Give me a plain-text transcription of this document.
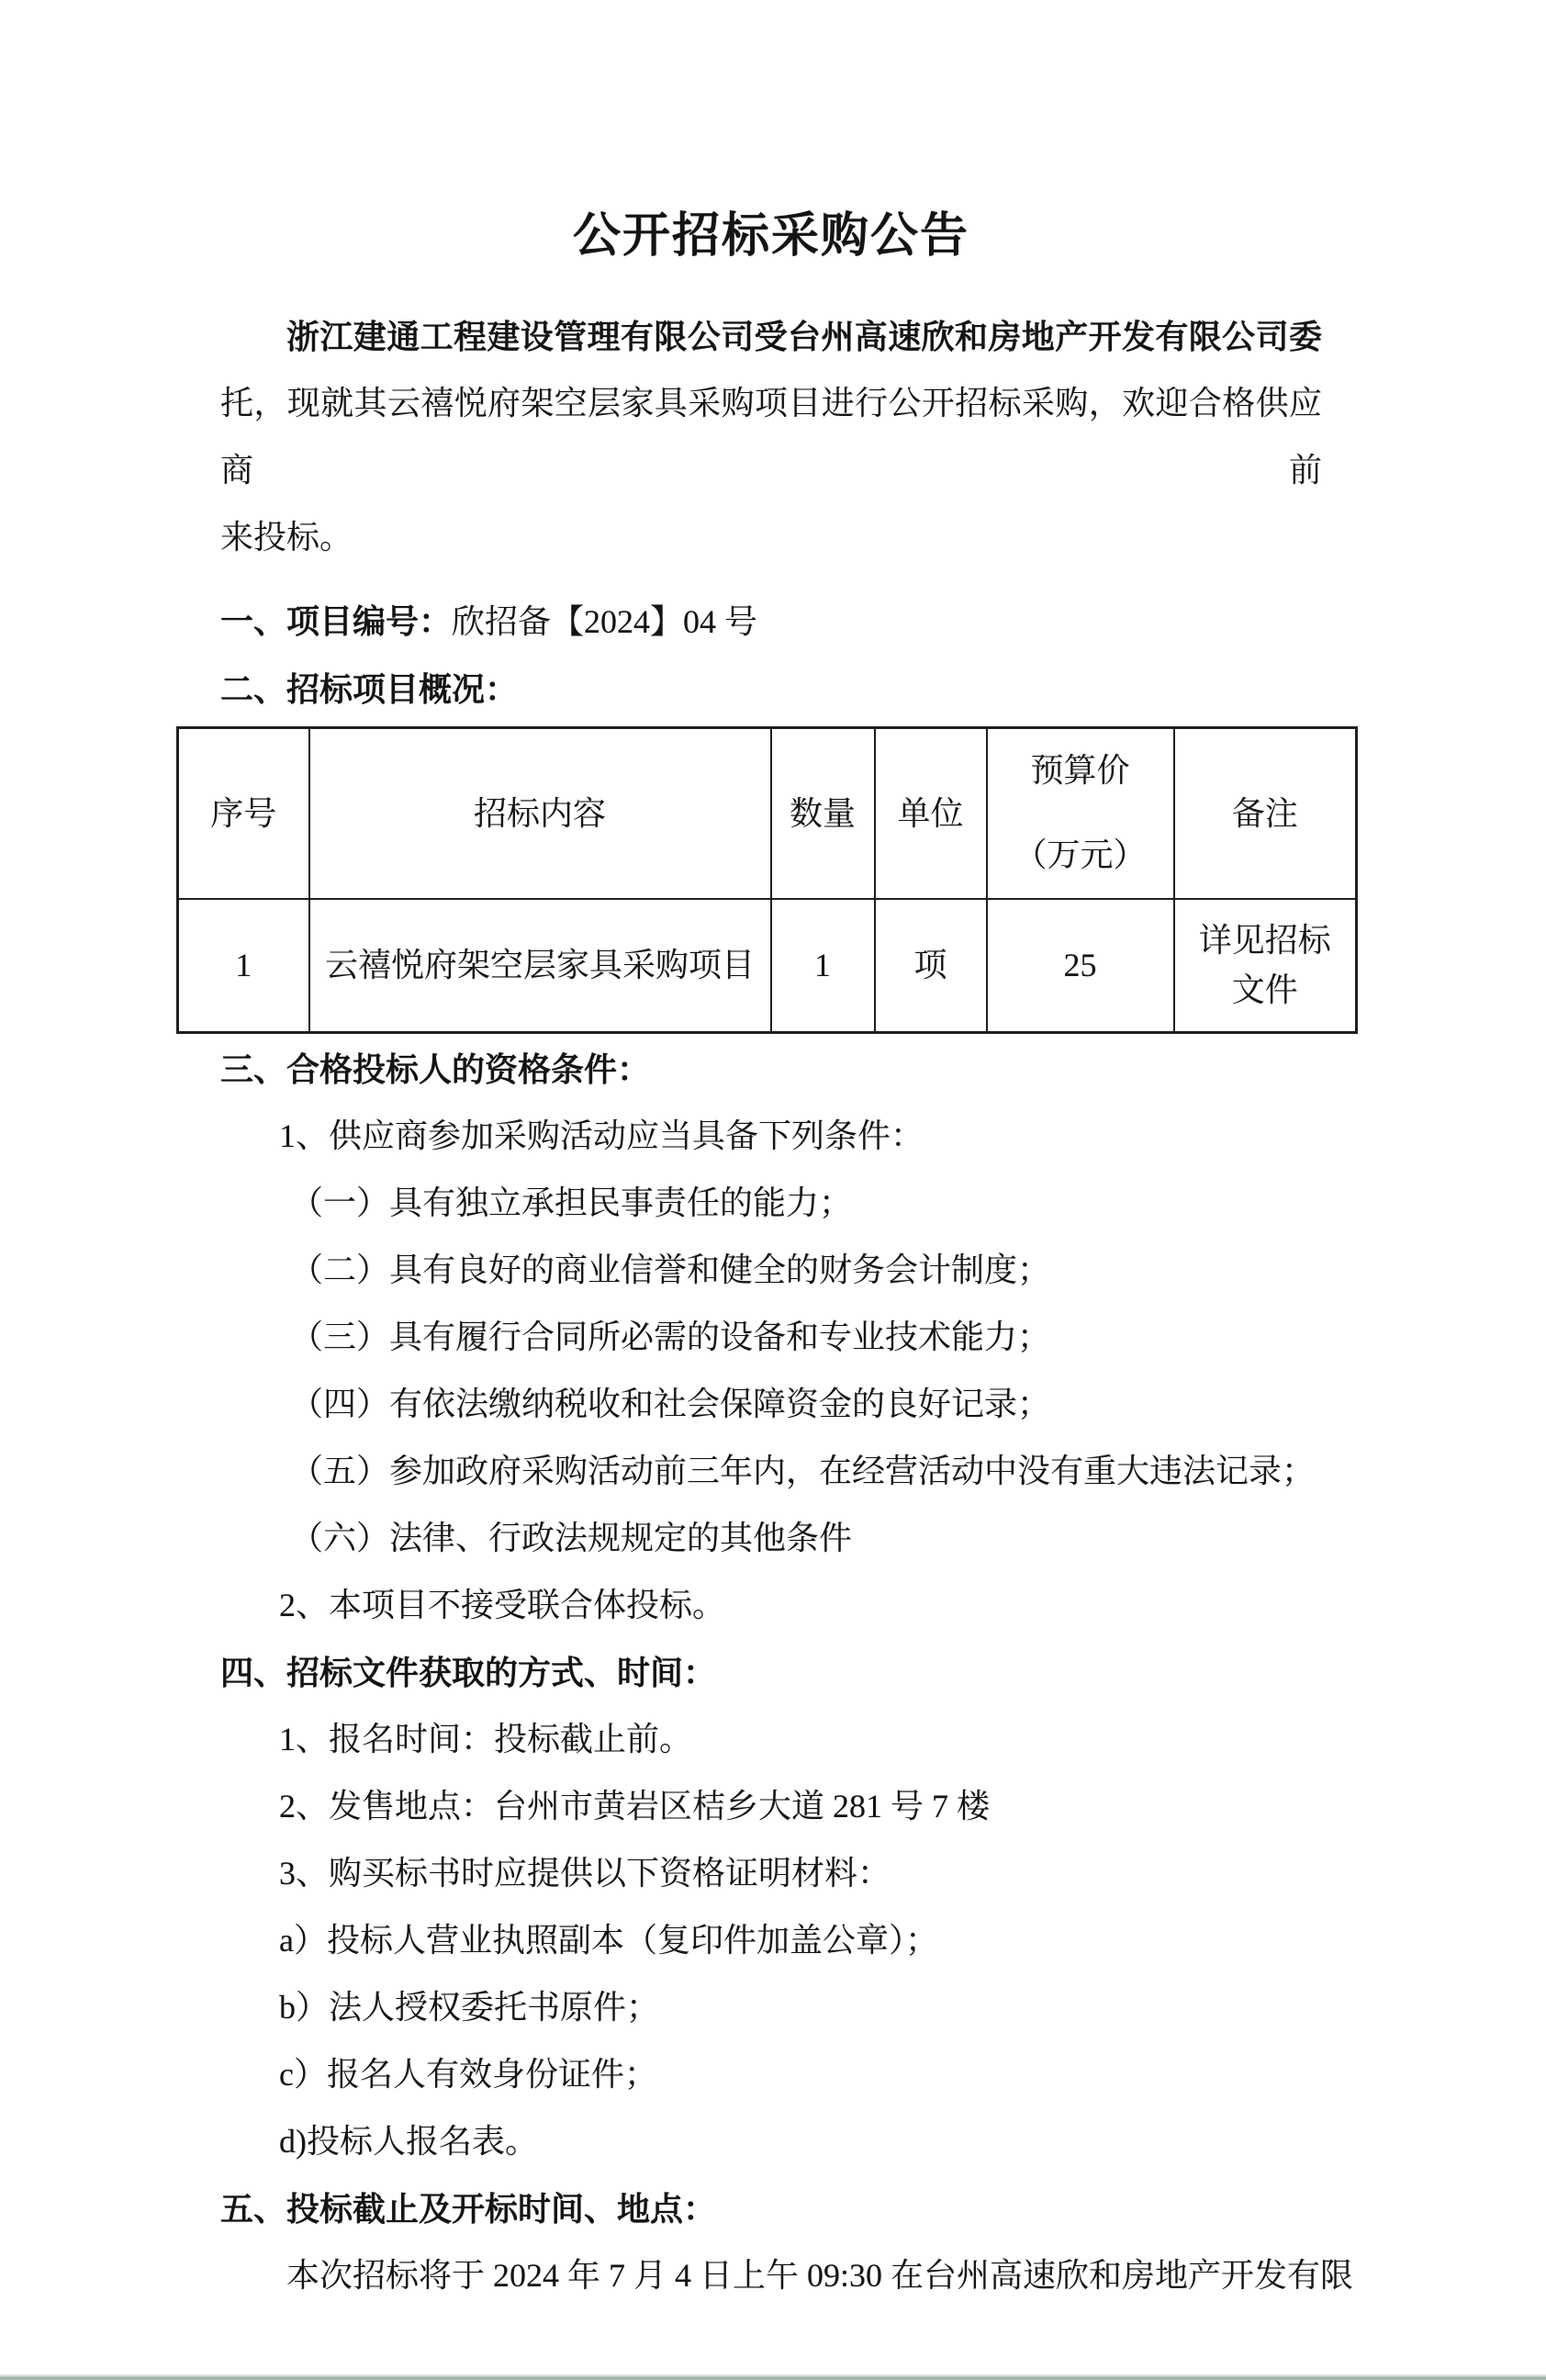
公开招标采购公告
浙江建通工程建设管理有限公司受台州高速欣和房地产开发有限公司委
托，现就其云禧悦府架空层家具采购项目进行公开招标采购，欢迎合格供应商前
来投标。
一、项目编号：欣招备【2024】04 号
二、招标项目概况：
序号	招标内容	数量	单位	预算价（万元）	备注
1	云禧悦府架空层家具采购项目	1	项	25	详见招标文件
三、合格投标人的资格条件：
1、供应商参加采购活动应当具备下列条件：
（一）具有独立承担民事责任的能力；
（二）具有良好的商业信誉和健全的财务会计制度；
（三）具有履行合同所必需的设备和专业技术能力；
（四）有依法缴纳税收和社会保障资金的良好记录；
（五）参加政府采购活动前三年内，在经营活动中没有重大违法记录；
（六）法律、行政法规规定的其他条件
2、本项目不接受联合体投标。
四、招标文件获取的方式、时间：
1、报名时间：投标截止前。
2、发售地点：台州市黄岩区桔乡大道 281 号 7 楼
3、购买标书时应提供以下资格证明材料：
a）投标人营业执照副本（复印件加盖公章）；
b）法人授权委托书原件；
c）报名人有效身份证件；
d)投标人报名表。
五、投标截止及开标时间、地点：
本次招标将于 2024 年 7 月 4 日上午 09:30 在台州高速欣和房地产开发有限
